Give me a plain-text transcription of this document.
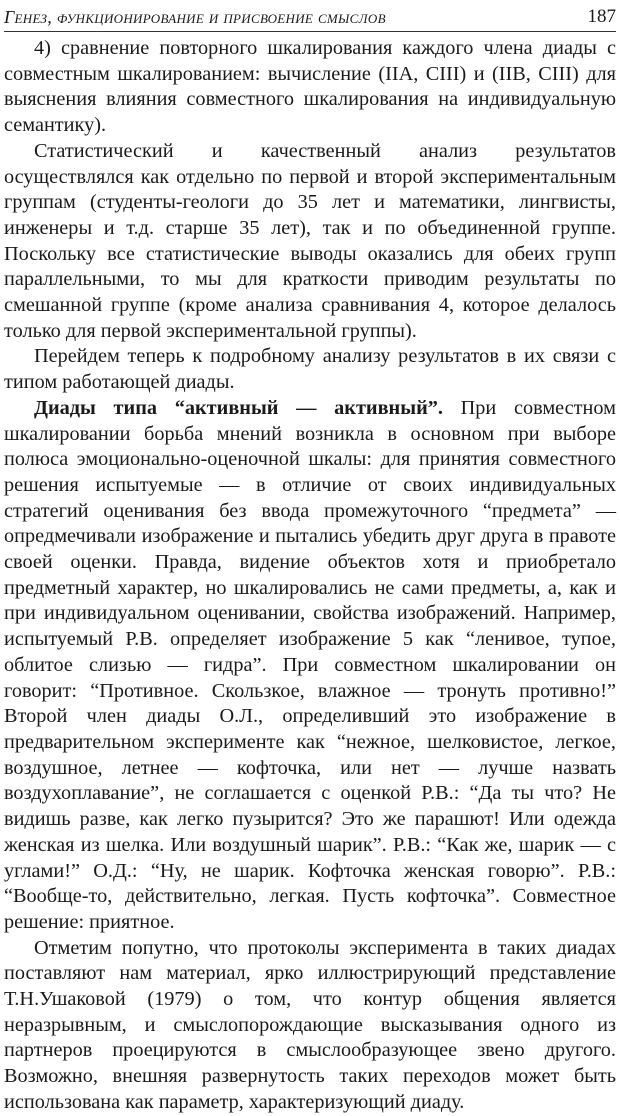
Генез, функционирование и присвоение смыслов	187

4) сравнение повторного шкалирования каждого члена диады с совместным шкалированием: вычисление (IIA, CIII) и (IIB, CIII) для выяснения влияния совместного шкалирования на индивидуальную семантику).

Статистический и качественный анализ результатов осуществлялся как отдельно по первой и второй экспериментальным группам (студенты-геологи до 35 лет и математики, лингвисты, инженеры и т.д. старше 35 лет), так и по объединенной группе. Поскольку все статистические выводы оказались для обеих групп параллельными, то мы для краткости приводим результаты по смешанной группе (кроме анализа сравнивания 4, которое делалось только для первой экспериментальной группы).

Перейдем теперь к подробному анализу результатов в их связи с типом работающей диады.

Диады типа “активный — активный”. При совместном шкалировании борьба мнений возникла в основном при выборе полюса эмоционально-оценочной шкалы: для принятия совместного решения испытуемые — в отличие от своих индивидуальных стратегий оценивания без ввода промежуточного “предмета” — опредмечивали изображение и пытались убедить друг друга в правоте своей оценки. Правда, видение объектов хотя и приобретало предметный характер, но шкалировались не сами предметы, а, как и при индивидуальном оценивании, свойства изображений. Например, испытуемый Р.В. определяет изображение 5 как “ленивое, тупое, облитое слизью — гидра”. При совместном шкалировании он говорит: “Противное. Скользкое, влажное — тронуть противно!” Второй член диады О.Л., определивший это изображение в предварительном эксперименте как “нежное, шелковистое, легкое, воздушное, летнее — кофточка, или нет — лучше назвать воздухоплавание”, не соглашается с оценкой Р.В.: “Да ты что? Не видишь разве, как легко пузырится? Это же парашют! Или одежда женская из шелка. Или воздушный шарик”. Р.В.: “Как же, шарик — с углами!” О.Д.: “Ну, не шарик. Кофточка женская говорю”. Р.В.: “Вообще-то, действительно, легкая. Пусть кофточка”. Совместное решение: приятное.

Отметим попутно, что протоколы эксперимента в таких диадах поставляют нам материал, ярко иллюстрирующий представление Т.Н.Ушаковой (1979) о том, что контур общения является неразрывным, и смыслопорождающие высказывания одного из партнеров проецируются в смыслообразующее звено другого. Возможно, внешняя развернутость таких переходов может быть использована как параметр, характеризующий диаду.
